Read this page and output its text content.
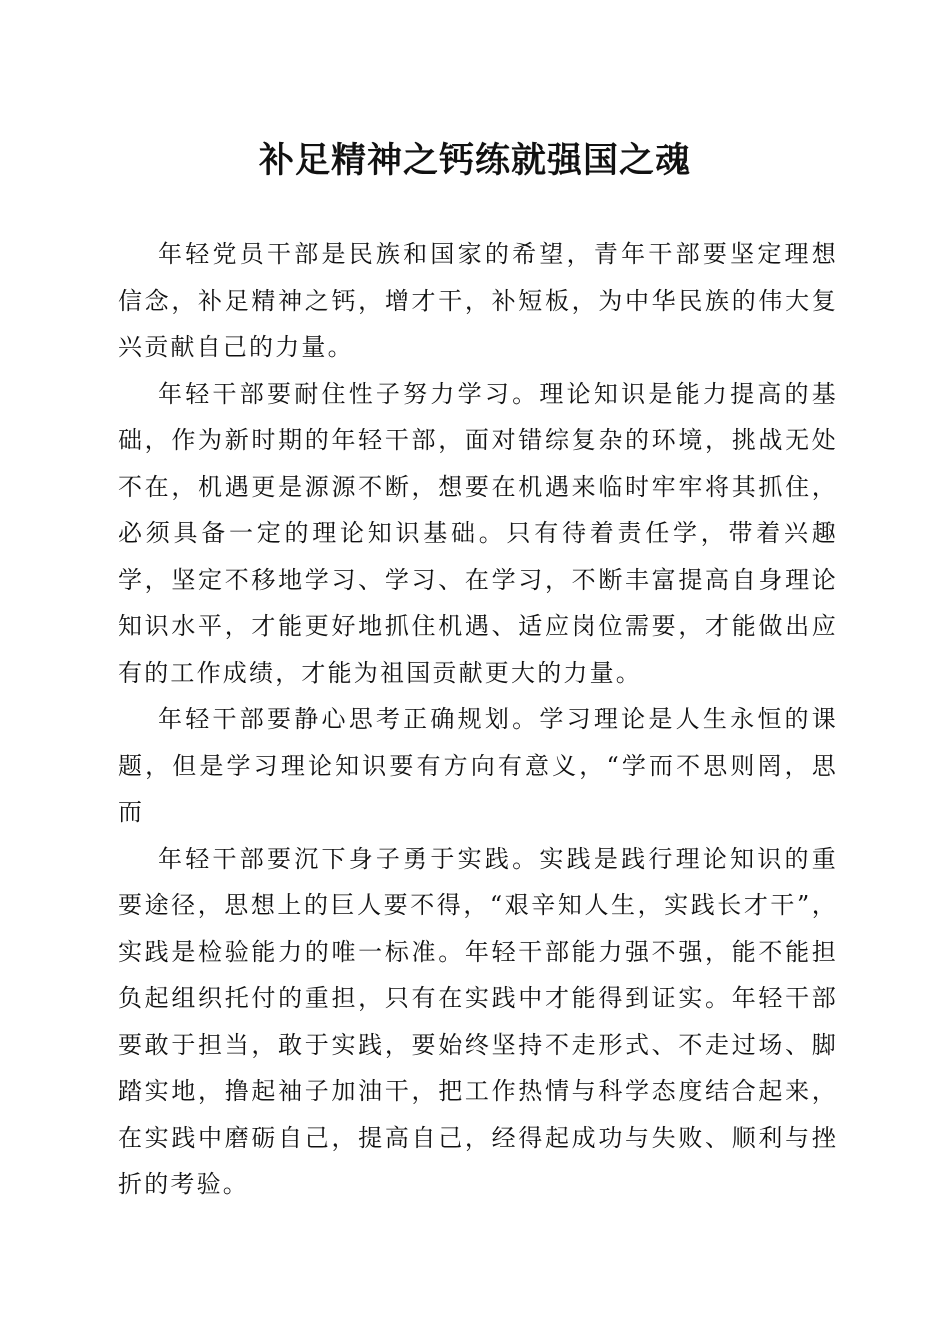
补足精神之钙练就强国之魂

年轻党员干部是民族和国家的希望，青年干部要坚定理想信念，补足精神之钙，增才干，补短板，为中华民族的伟大复兴贡献自己的力量。

年轻干部要耐住性子努力学习。理论知识是能力提高的基础，作为新时期的年轻干部，面对错综复杂的环境，挑战无处不在，机遇更是源源不断，想要在机遇来临时牢牢将其抓住，必须具备一定的理论知识基础。只有待着责任学，带着兴趣学，坚定不移地学习、学习、在学习，不断丰富提高自身理论知识水平，才能更好地抓住机遇、适应岗位需要，才能做出应有的工作成绩，才能为祖国贡献更大的力量。

年轻干部要静心思考正确规划。学习理论是人生永恒的课题，但是学习理论知识要有方向有意义，“学而不思则罔，思而

年轻干部要沉下身子勇于实践。实践是践行理论知识的重要途径，思想上的巨人要不得，“艰辛知人生，实践长才干”，实践是检验能力的唯一标准。年轻干部能力强不强，能不能担负起组织托付的重担，只有在实践中才能得到证实。年轻干部要敢于担当，敢于实践，要始终坚持不走形式、不走过场、脚踏实地，撸起袖子加油干，把工作热情与科学态度结合起来，在实践中磨砺自己，提高自己，经得起成功与失败、顺利与挫折的考验。
